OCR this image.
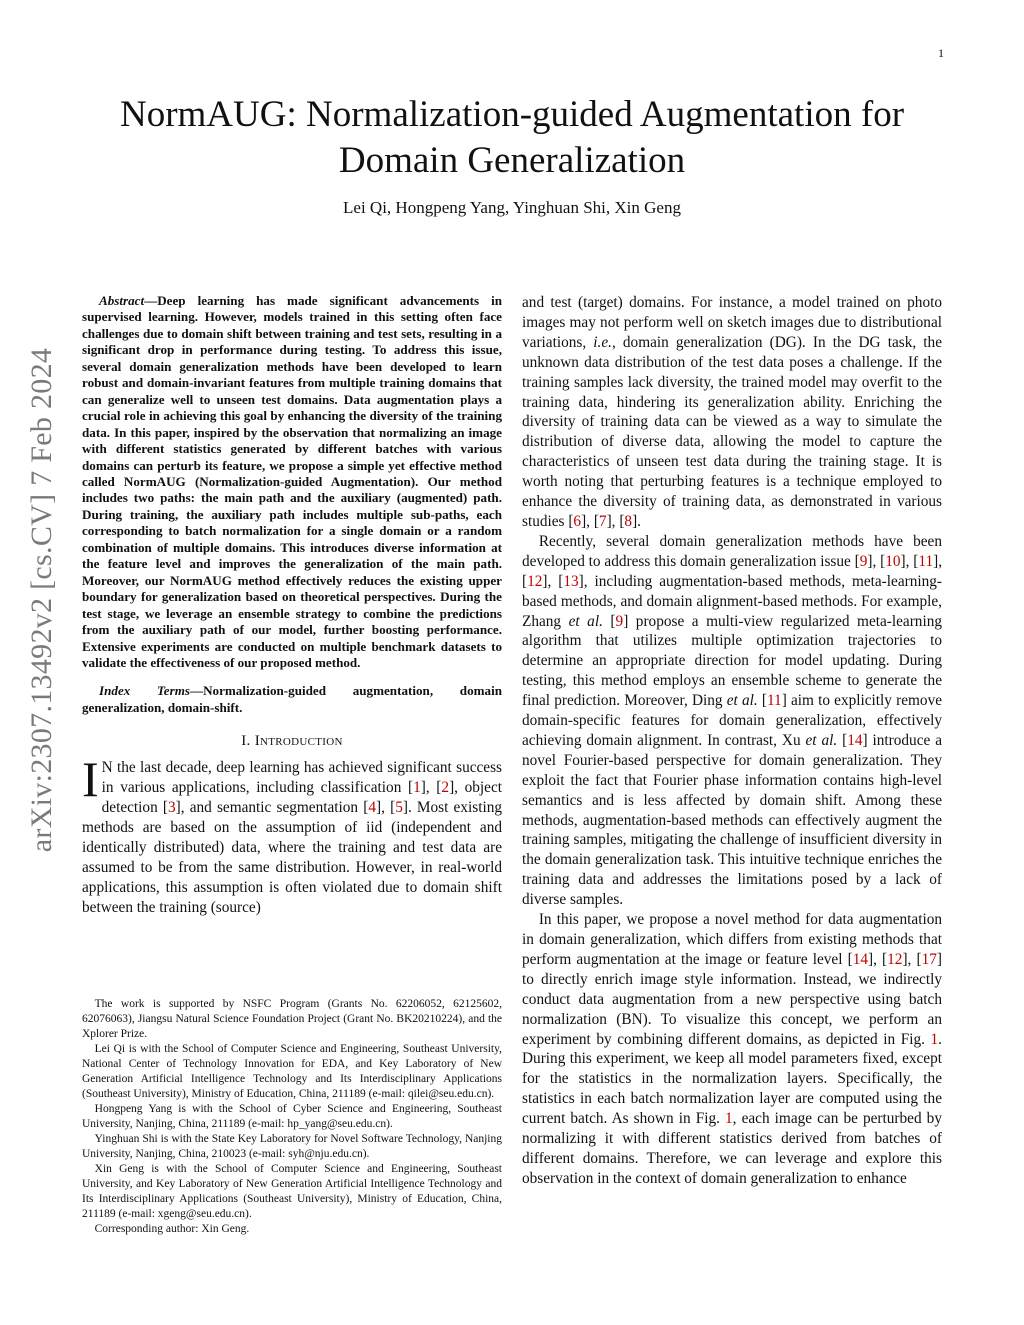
1
arXiv:2307.13492v2 [cs.CV] 7 Feb 2024
NormAUG: Normalization-guided Augmentation for
Domain Generalization
Lei Qi, Hongpeng Yang, Yinghuan Shi, Xin Geng

Abstract—Deep learning has made significant advancements in supervised learning. However, models trained in this setting often face challenges due to domain shift between training and test sets, resulting in a significant drop in performance during testing. To address this issue, several domain generalization methods have been developed to learn robust and domain-invariant features from multiple training domains that can generalize well to unseen test domains. Data augmentation plays a crucial role in achieving this goal by enhancing the diversity of the training data. In this paper, inspired by the observation that normalizing an image with different statistics generated by different batches with various domains can perturb its feature, we propose a simple yet effective method called NormAUG (Normalization-guided Augmentation). Our method includes two paths: the main path and the auxiliary (augmented) path. During training, the auxiliary path includes multiple sub-paths, each corresponding to batch normalization for a single domain or a random combination of multiple domains. This introduces diverse information at the feature level and improves the generalization of the main path. Moreover, our NormAUG method effectively reduces the existing upper boundary for generalization based on theoretical perspectives. During the test stage, we leverage an ensemble strategy to combine the predictions from the auxiliary path of our model, further boosting performance. Extensive experiments are conducted on multiple benchmark datasets to validate the effectiveness of our proposed method.

Index Terms—Normalization-guided augmentation, domain generalization, domain-shift.

I. Introduction

I N the last decade, deep learning has achieved significant success in various applications, including classification [1], [2], object detection [3], and semantic segmentation [4], [5]. Most existing methods are based on the assumption of iid (independent and identically distributed) data, where the training and test data are assumed to be from the same distribution. However, in real-world applications, this assumption is often violated due to domain shift between the training (source)

The work is supported by NSFC Program (Grants No. 62206052, 62125602, 62076063), Jiangsu Natural Science Foundation Project (Grant No. BK20210224), and the Xplorer Prize.

Lei Qi is with the School of Computer Science and Engineering, Southeast University, National Center of Technology Innovation for EDA, and Key Laboratory of New Generation Artificial Intelligence Technology and Its Interdisciplinary Applications (Southeast University), Ministry of Education, China, 211189 (e-mail: qilei@seu.edu.cn).

Hongpeng Yang is with the School of Cyber Science and Engineering, Southeast University, Nanjing, China, 211189 (e-mail: hp_yang@seu.edu.cn).

Yinghuan Shi is with the State Key Laboratory for Novel Software Technology, Nanjing University, Nanjing, China, 210023 (e-mail: syh@nju.edu.cn).

Xin Geng is with the School of Computer Science and Engineering, Southeast University, and Key Laboratory of New Generation Artificial Intelligence Technology and Its Interdisciplinary Applications (Southeast University), Ministry of Education, China, 211189 (e-mail: xgeng@seu.edu.cn).

Corresponding author: Xin Geng.

and test (target) domains. For instance, a model trained on photo images may not perform well on sketch images due to distributional variations, i.e., domain generalization (DG). In the DG task, the unknown data distribution of the test data poses a challenge. If the training samples lack diversity, the trained model may overfit to the training data, hindering its generalization ability. Enriching the diversity of training data can be viewed as a way to simulate the distribution of diverse data, allowing the model to capture the characteristics of unseen test data during the training stage. It is worth noting that perturbing features is a technique employed to enhance the diversity of training data, as demonstrated in various studies [6], [7], [8].

Recently, several domain generalization methods have been developed to address this domain generalization issue [9], [10], [11], [12], [13], including augmentation-based methods, meta-learning-based methods, and domain alignment-based methods. For example, Zhang et al. [9] propose a multi-view regularized meta-learning algorithm that utilizes multiple optimization trajectories to determine an appropriate direction for model updating. During testing, this method employs an ensemble scheme to generate the final prediction. Moreover, Ding et al. [11] aim to explicitly remove domain-specific features for domain generalization, effectively achieving domain alignment. In contrast, Xu et al. [14] introduce a novel Fourier-based perspective for domain generalization. They exploit the fact that Fourier phase information contains high-level semantics and is less affected by domain shift. Among these methods, augmentation-based methods can effectively augment the training samples, mitigating the challenge of insufficient diversity in the domain generalization task. This intuitive technique enriches the training data and addresses the limitations posed by a lack of diverse samples.

In this paper, we propose a novel method for data augmentation in domain generalization, which differs from existing methods that perform augmentation at the image or feature level [14], [12], [17] to directly enrich image style information. Instead, we indirectly conduct data augmentation from a new perspective using batch normalization (BN). To visualize this concept, we perform an experiment by combining different domains, as depicted in Fig. 1. During this experiment, we keep all model parameters fixed, except for the statistics in the normalization layers. Specifically, the statistics in each batch normalization layer are computed using the current batch. As shown in Fig. 1, each image can be perturbed by normalizing it with different statistics derived from batches of different domains. Therefore, we can leverage and explore this observation in the context of domain generalization to enhance
